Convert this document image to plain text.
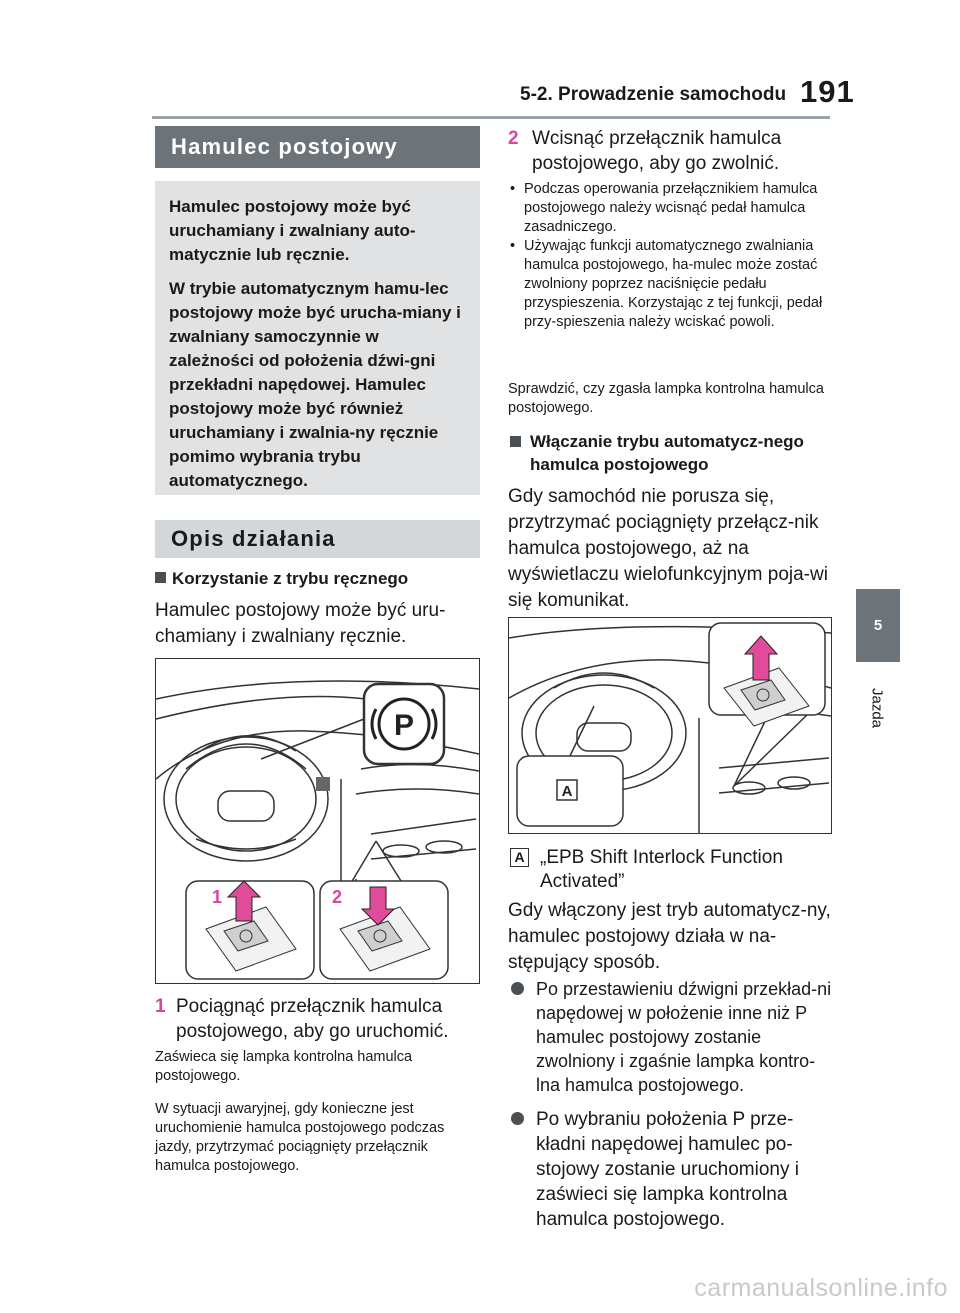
5-2. Prowadzenie samochodu 191
5
Jazda
Hamulec postojowy

Hamulec postojowy może być uruchamiany i zwalniany auto-matycznie lub ręcznie.

W trybie automatycznym hamu-lec postojowy może być urucha-miany i zwalniany samoczynnie w zależności od położenia dźwi-gni przekładni napędowej. Hamulec postojowy może być również uruchamiany i zwalnia-ny ręcznie pomimo wybrania trybu automatycznego.

Opis działania
Korzystanie z trybu ręcznego
Hamulec postojowy może być uru-chamiany i zwalniany ręcznie.
P
1	2
1 Pociągnąć przełącznik hamulca postojowego, aby go uruchomić.
Zaświeca się lampka kontrolna hamulca postojowego.
W sytuacji awaryjnej, gdy konieczne jest uruchomienie hamulca postojowego podczas jazdy, przytrzymać pociągnięty przełącznik hamulca postojowego.
2 Wcisnąć przełącznik hamulca postojowego, aby go zwolnić.
• Podczas operowania przełącznikiem hamulca postojowego należy wcisnąć pedał hamulca zasadniczego.
• Używając funkcji automatycznego zwalniania hamulca postojowego, ha-mulec może zostać zwolniony poprzez naciśnięcie pedału przyspieszenia. Korzystając z tej funkcji, pedał przy-spieszenia należy wciskać powoli.
Sprawdzić, czy zgasła lampka kontrolna hamulca postojowego.
Włączanie trybu automatycz-nego hamulca postojowego
Gdy samochód nie porusza się, przytrzymać pociągnięty przełącz-nik hamulca postojowego, aż na wyświetlaczu wielofunkcyjnym poja-wi się komunikat.
A
A „EPB Shift Interlock Function Activated”
Gdy włączony jest tryb automatycz-ny, hamulec postojowy działa w na-stępujący sposób.
Po przestawieniu dźwigni przekład-ni napędowej w położenie inne niż P hamulec postojowy zostanie zwolniony i zgaśnie lampka kontro-lna hamulca postojowego.
Po wybraniu położenia P prze-kładni napędowej hamulec po-stojowy zostanie uruchomiony i zaświeci się lampka kontrolna hamulca postojowego.
carmanualsonline.info
